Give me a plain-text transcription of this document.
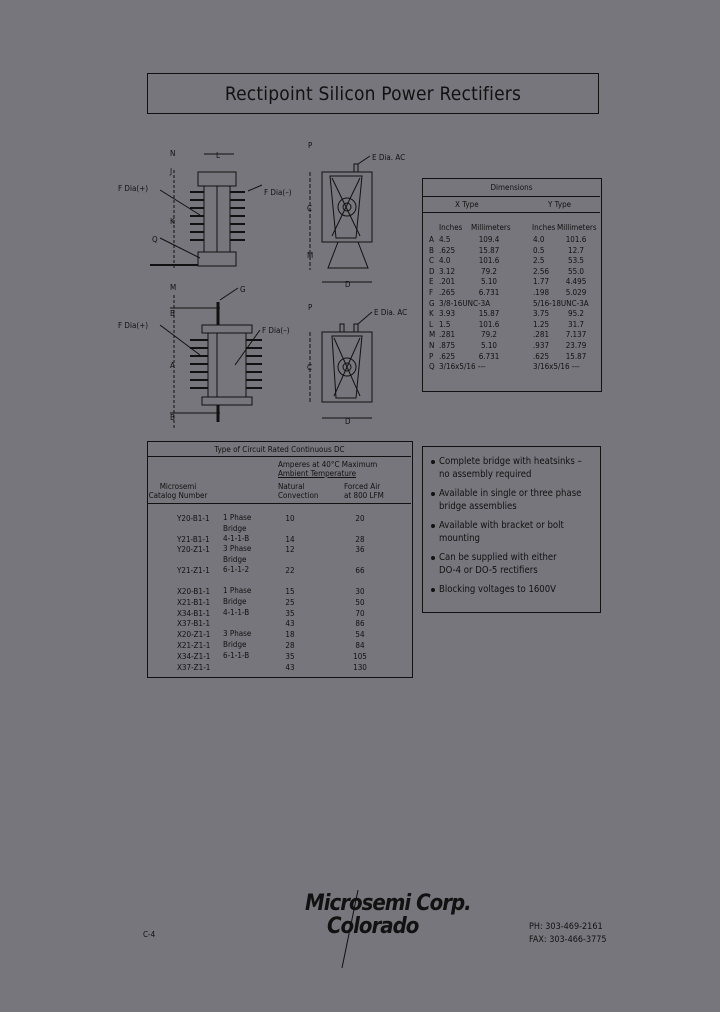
Rectipoint Silicon Power Rectifiers
N	L
J
K
Q
F Dia(–)
E Dia. AC
P
C
M
D
M	G
B
A
B
F Dia(–)
E Dia. AC
P
C
D
F Dia(+)
F Dia(+)
Dimensions
X Type	Y Type
Inches Millimeters	Inches Millimeters
A 4.5	109.4	4.0	101.6
B .625	15.87	0.5	12.7
C 4.0	101.6	2.5	53.5
D 3.12	79.2	2.56	55.0
E .201	5.10	1.77	4.495
F .265	6.731	.198	5.029
G 3/8-16UNC-3A	5/16-18UNC-3A
K 3.93	15.87	3.75	95.2
L 1.5	101.6	1.25	31.7
M .281	79.2	.281	7.137
N .875	5.10	.937	23.79
P .625	6.731	.625	15.87
Q 3/16x5/16 ---	3/16x5/16 ---
Type of Circuit Rated Continuous DC
Amperes at 40°C Maximum
Ambient Temperature
Microsemi
Catalog Number
Natural
Convection
Forced Air
at 800 LFM
Y20-B1-1 1 Phase	10	20
Bridge
Y21-B1-1 4-1-1-B	14	28
Y20-Z1-1 3 Phase	12	36
Bridge
Y21-Z1-1 6-1-1-2	22	66
X20-B1-1 1 Phase	15	30
X21-B1-1 Bridge	25	50
X34-B1-1 4-1-1-B	35	70
X37-B1-1	43	86
X20-Z1-1 3 Phase	18	54
X21-Z1-1 Bridge	28	84
X34-Z1-1 6-1-1-B	35	105
X37-Z1-1	43	130
Complete bridge with heatsinks –
no assembly required
Available in single or three phase
bridge assemblies
Available with bracket or bolt
mounting
Can be supplied with either
DO-4 or DO-5 rectifiers
Blocking voltages to 1600V
C-4
Microsemi Corp.
Colorado	PH: 303-469-2161
FAX: 303-466-3775
